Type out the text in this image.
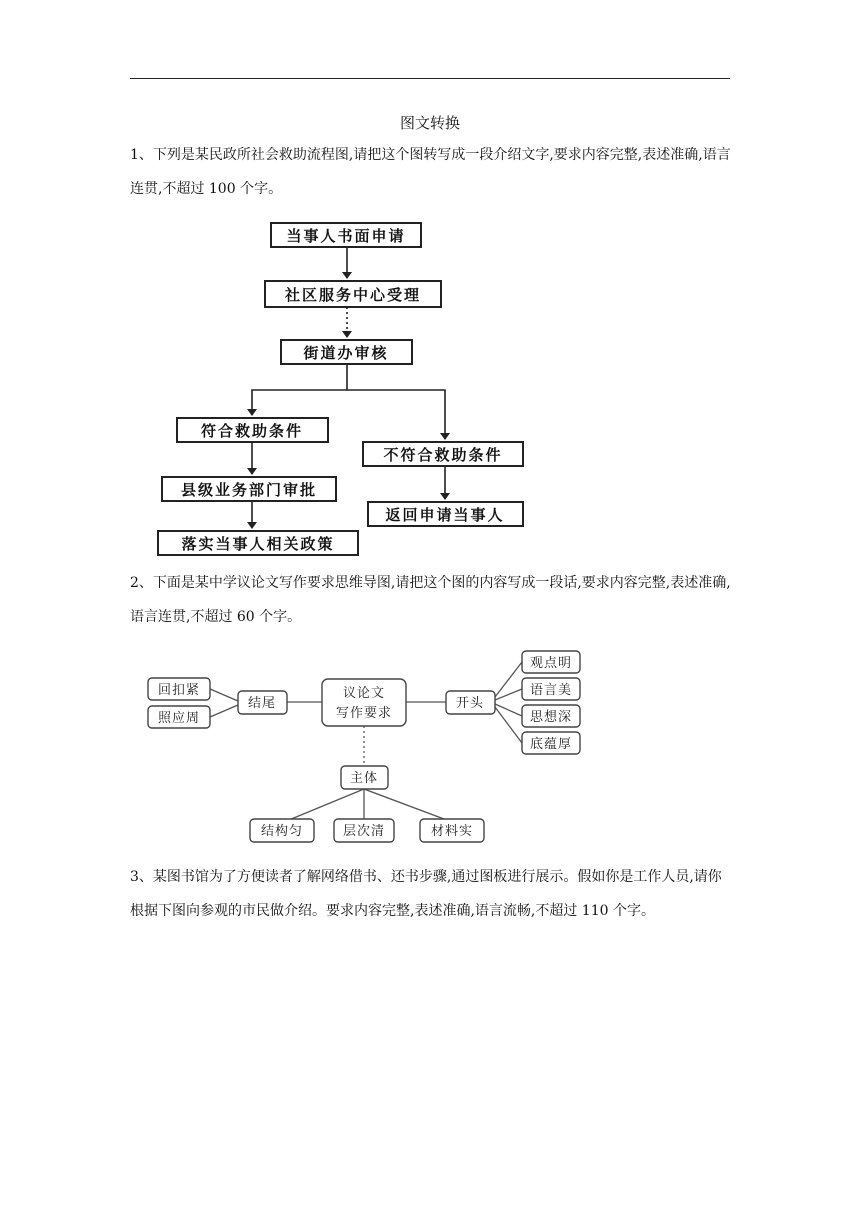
图文转换

1、下列是某民政所社会救助流程图,请把这个图转写成一段介绍文字,要求内容完整,表述准确,语言连贯,不超过 100 个字。

2、下面是某中学议论文写作要求思维导图,请把这个图的内容写成一段话,要求内容完整,表述准确,语言连贯,不超过 60 个字。

3、某图书馆为了方便读者了解网络借书、还书步骤,通过图板进行展示。假如你是工作人员,请你根据下图向参观的市民做介绍。要求内容完整,表述准确,语言流畅,不超过 110 个字。

当事人书面申请
社区服务中心受理
街道办审核
符合救助条件
县级业务部门审批
落实当事人相关政策
不符合救助条件
返回申请当事人
回扣紧
照应周
结尾
议论文
写作要求
开头
观点明
语言美
思想深
底蕴厚
主体
结构匀	层次清	材料实
